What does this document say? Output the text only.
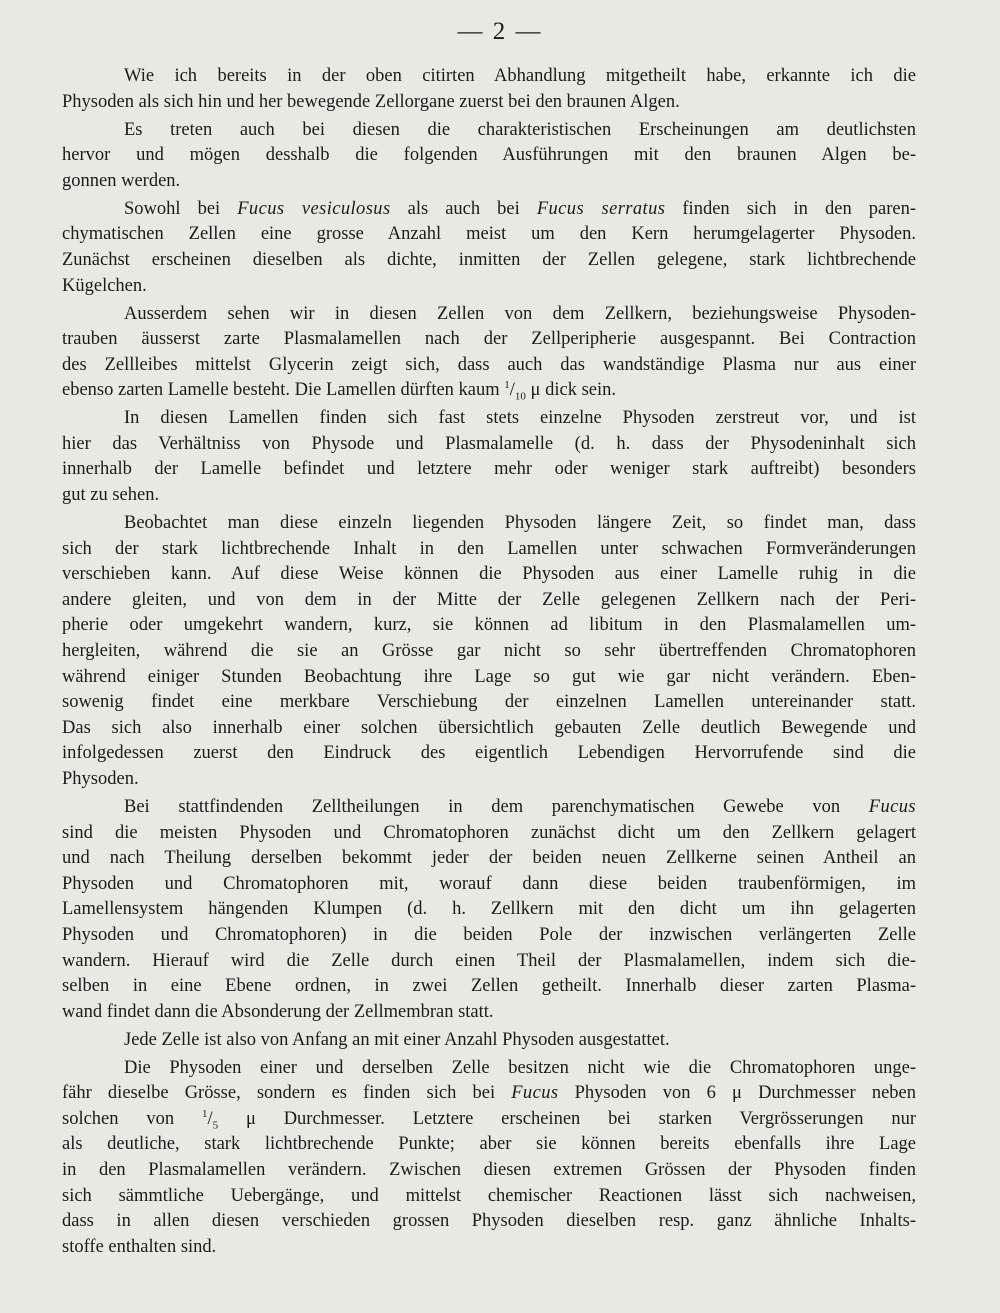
— 2 —
Wie ich bereits in der oben citirten Abhandlung mitgetheilt habe, erkannte ich die
Physoden als sich hin und her bewegende Zellorgane zuerst bei den braunen Algen.
Es treten auch bei diesen die charakteristischen Erscheinungen am deutlichsten
hervor und mögen desshalb die folgenden Ausführungen mit den braunen Algen be-
gonnen werden.
Sowohl bei Fucus vesiculosus als auch bei Fucus serratus finden sich in den paren-
chymatischen Zellen eine grosse Anzahl meist um den Kern herumgelagerter Physoden.
Zunächst erscheinen dieselben als dichte, inmitten der Zellen gelegene, stark lichtbrechende
Kügelchen.
Ausserdem sehen wir in diesen Zellen von dem Zellkern, beziehungsweise Physoden-
trauben äusserst zarte Plasmalamellen nach der Zellperipherie ausgespannt. Bei Contraction
des Zellleibes mittelst Glycerin zeigt sich, dass auch das wandständige Plasma nur aus einer
ebenso zarten Lamelle besteht. Die Lamellen dürften kaum $^1/_{10}$ μ dick sein.
In diesen Lamellen finden sich fast stets einzelne Physoden zerstreut vor, und ist
hier das Verhältniss von Physode und Plasmalamelle (d. h. dass der Physodeninhalt sich
innerhalb der Lamelle befindet und letztere mehr oder weniger stark auftreibt) besonders
gut zu sehen.
Beobachtet man diese einzeln liegenden Physoden längere Zeit, so findet man, dass
sich der stark lichtbrechende Inhalt in den Lamellen unter schwachen Formveränderungen
verschieben kann. Auf diese Weise können die Physoden aus einer Lamelle ruhig in die
andere gleiten, und von dem in der Mitte der Zelle gelegenen Zellkern nach der Peri-
pherie oder umgekehrt wandern, kurz, sie können ad libitum in den Plasmalamellen um-
hergleiten, während die sie an Grösse gar nicht so sehr übertreffenden Chromatophoren
während einiger Stunden Beobachtung ihre Lage so gut wie gar nicht verändern. Eben-
sowenig findet eine merkbare Verschiebung der einzelnen Lamellen untereinander statt.
Das sich also innerhalb einer solchen übersichtlich gebauten Zelle deutlich Bewegende und
infolgedessen zuerst den Eindruck des eigentlich Lebendigen Hervorrufende sind die
Physoden.
Bei stattfindenden Zelltheilungen in dem parenchymatischen Gewebe von Fucus
sind die meisten Physoden und Chromatophoren zunächst dicht um den Zellkern gelagert
und nach Theilung derselben bekommt jeder der beiden neuen Zellkerne seinen Antheil an
Physoden und Chromatophoren mit, worauf dann diese beiden traubenförmigen, im
Lamellensystem hängenden Klumpen (d. h. Zellkern mit den dicht um ihn gelagerten
Physoden und Chromatophoren) in die beiden Pole der inzwischen verlängerten Zelle
wandern. Hierauf wird die Zelle durch einen Theil der Plasmalamellen, indem sich die-
selben in eine Ebene ordnen, in zwei Zellen getheilt. Innerhalb dieser zarten Plasma-
wand findet dann die Absonderung der Zellmembran statt.
Jede Zelle ist also von Anfang an mit einer Anzahl Physoden ausgestattet.
Die Physoden einer und derselben Zelle besitzen nicht wie die Chromatophoren unge-
fähr dieselbe Grösse, sondern es finden sich bei Fucus Physoden von 6 μ Durchmesser neben
solchen von $^1/_5$ μ Durchmesser. Letztere erscheinen bei starken Vergrösserungen nur
als deutliche, stark lichtbrechende Punkte; aber sie können bereits ebenfalls ihre Lage
in den Plasmalamellen verändern. Zwischen diesen extremen Grössen der Physoden finden
sich sämmtliche Uebergänge, und mittelst chemischer Reactionen lässt sich nachweisen,
dass in allen diesen verschieden grossen Physoden dieselben resp. ganz ähnliche Inhalts-
stoffe enthalten sind.
